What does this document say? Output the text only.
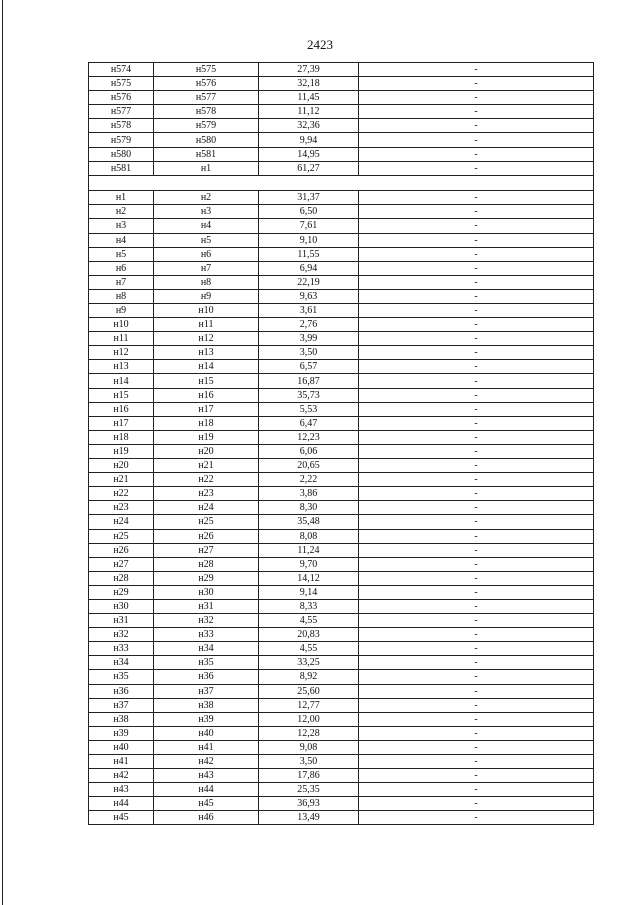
2423
н574	н575	27,39	-
н575	н576	32,18	-
н576	н577	11,45	-
н577	н578	11,12	-
н578	н579	32,36	-
н579	н580	9,94	-
н580	н581	14,95	-
н581	н1	61,27	-

н1	н2	31,37	-
н2	н3	6,50	-
н3	н4	7,61	-
н4	н5	9,10	-
н5	н6	11,55	-
н6	н7	6,94	-
н7	н8	22,19	-
н8	н9	9,63	-
н9	н10	3,61	-
н10	н11	2,76	-
н11	н12	3,99	-
н12	н13	3,50	-
н13	н14	6,57	-
н14	н15	16,87	-
н15	н16	35,73	-
н16	н17	5,53	-
н17	н18	6,47	-
н18	н19	12,23	-
н19	н20	6,06	-
н20	н21	20,65	-
н21	н22	2,22	-
н22	н23	3,86	-
н23	н24	8,30	-
н24	н25	35,48	-
н25	н26	8,08	-
н26	н27	11,24	-
н27	н28	9,70	-
н28	н29	14,12	-
н29	н30	9,14	-
н30	н31	8,33	-
н31	н32	4,55	-
н32	н33	20,83	-
н33	н34	4,55	-
н34	н35	33,25	-
н35	н36	8,92	-
н36	н37	25,60	-
н37	н38	12,77	-
н38	н39	12,00	-
н39	н40	12,28	-
н40	н41	9,08	-
н41	н42	3,50	-
н42	н43	17,86	-
н43	н44	25,35	-
н44	н45	36,93	-
н45	н46	13,49	-
